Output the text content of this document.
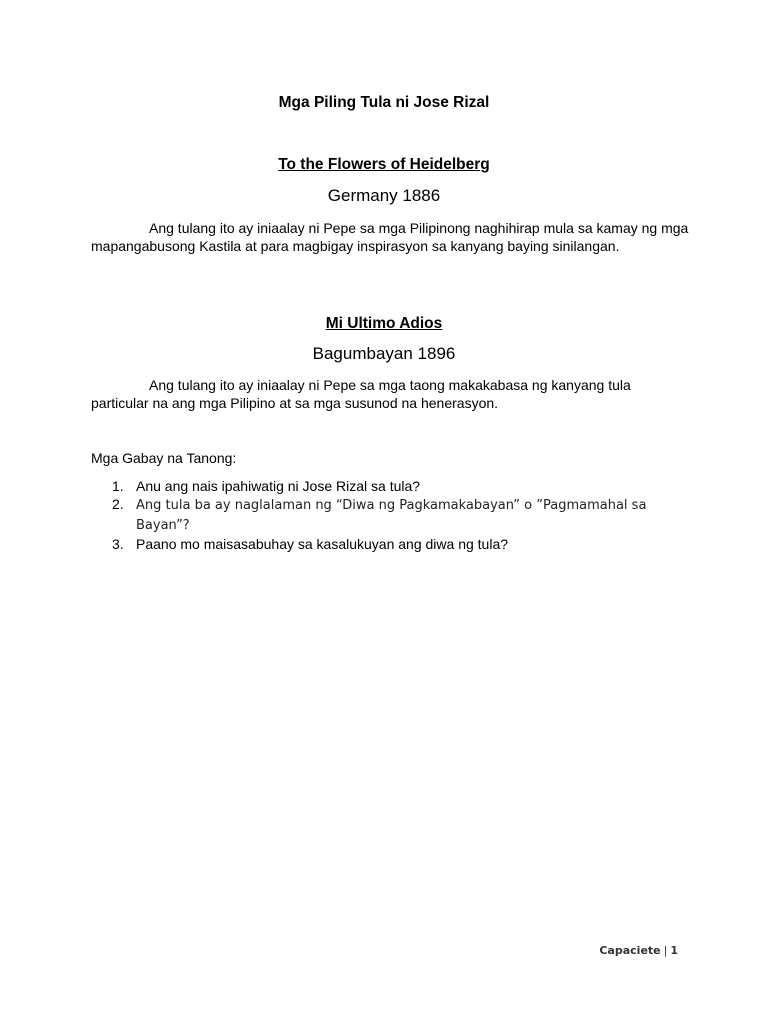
Mga Piling Tula ni Jose Rizal
To the Flowers of Heidelberg
Germany 1886

Ang tulang ito ay iniaalay ni Pepe sa mga Pilipinong naghihirap mula sa kamay ng mga mapangabusong Kastila at para magbigay inspirasyon sa kanyang baying sinilangan.

Mi Ultimo Adios
Bagumbayan 1896

Ang tulang ito ay iniaalay ni Pepe sa mga taong makakabasa ng kanyang tula particular na ang mga Pilipino at sa mga susunod na henerasyon.

Mga Gabay na Tanong:
1. Anu ang nais ipahiwatig ni Jose Rizal sa tula?
2. Ang tula ba ay naglalaman ng “Diwa ng Pagkamakabayan” o ”Pagmamahal sa Bayan”?
3. Paano mo maisasabuhay sa kasalukuyan ang diwa ng tula?
Capaciete | 1
